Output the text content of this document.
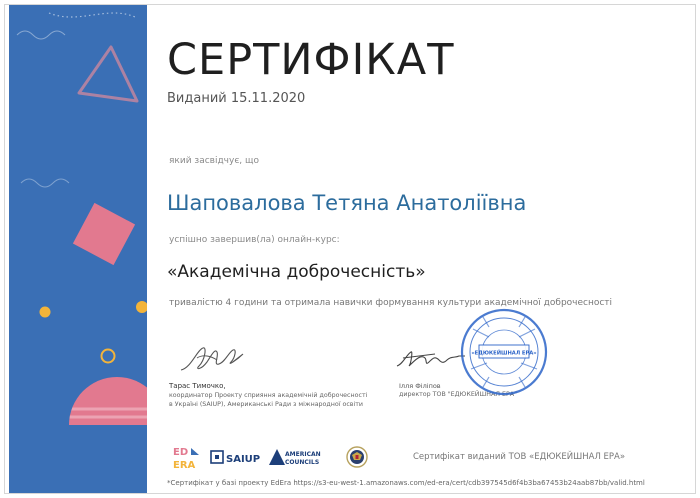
СЕРТИФІКАТ
Виданий 15.11.2020
який засвідчує, що
Шаповалова Тетяна Анатоліївна
успішно завершив(ла) онлайн-курс:
«Академічна доброчесність»
тривалістю 4 години та отримала навички формування культури академічної доброчесності
Тарас Тимочко,
координатор Проекту сприяння академічній доброчесності в Україні (SAIUP), Американські Ради з міжнародної освіти
Ілля Філіпов
директор ТОВ "ЕДЮКЕЙШНАЛ ЕРА"
«ЕДЮКЕЙШНАЛ ЕРА»
ED
ERA
SAIUP	AMERICAN
COUNCILS
Сертифікат виданий ТОВ «ЕДЮКЕЙШНАЛ ЕРА»
*Сертифікат у базі проекту EdEra https://s3-eu-west-1.amazonaws.com/ed-era/cert/cdb397545d6f4b3ba67453b24aab87bb/valid.html
